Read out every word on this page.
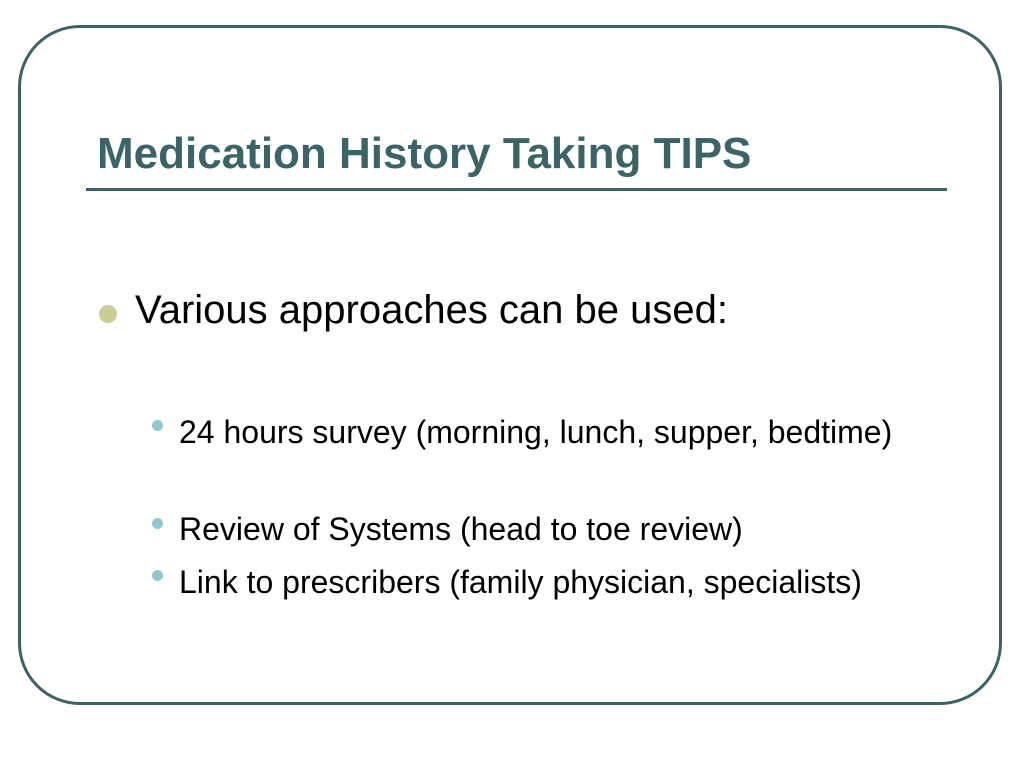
Medication History Taking TIPS
Various approaches can be used:
24 hours survey (morning, lunch, supper, bedtime)
Review of Systems (head to toe review)
Link to prescribers (family physician, specialists)
